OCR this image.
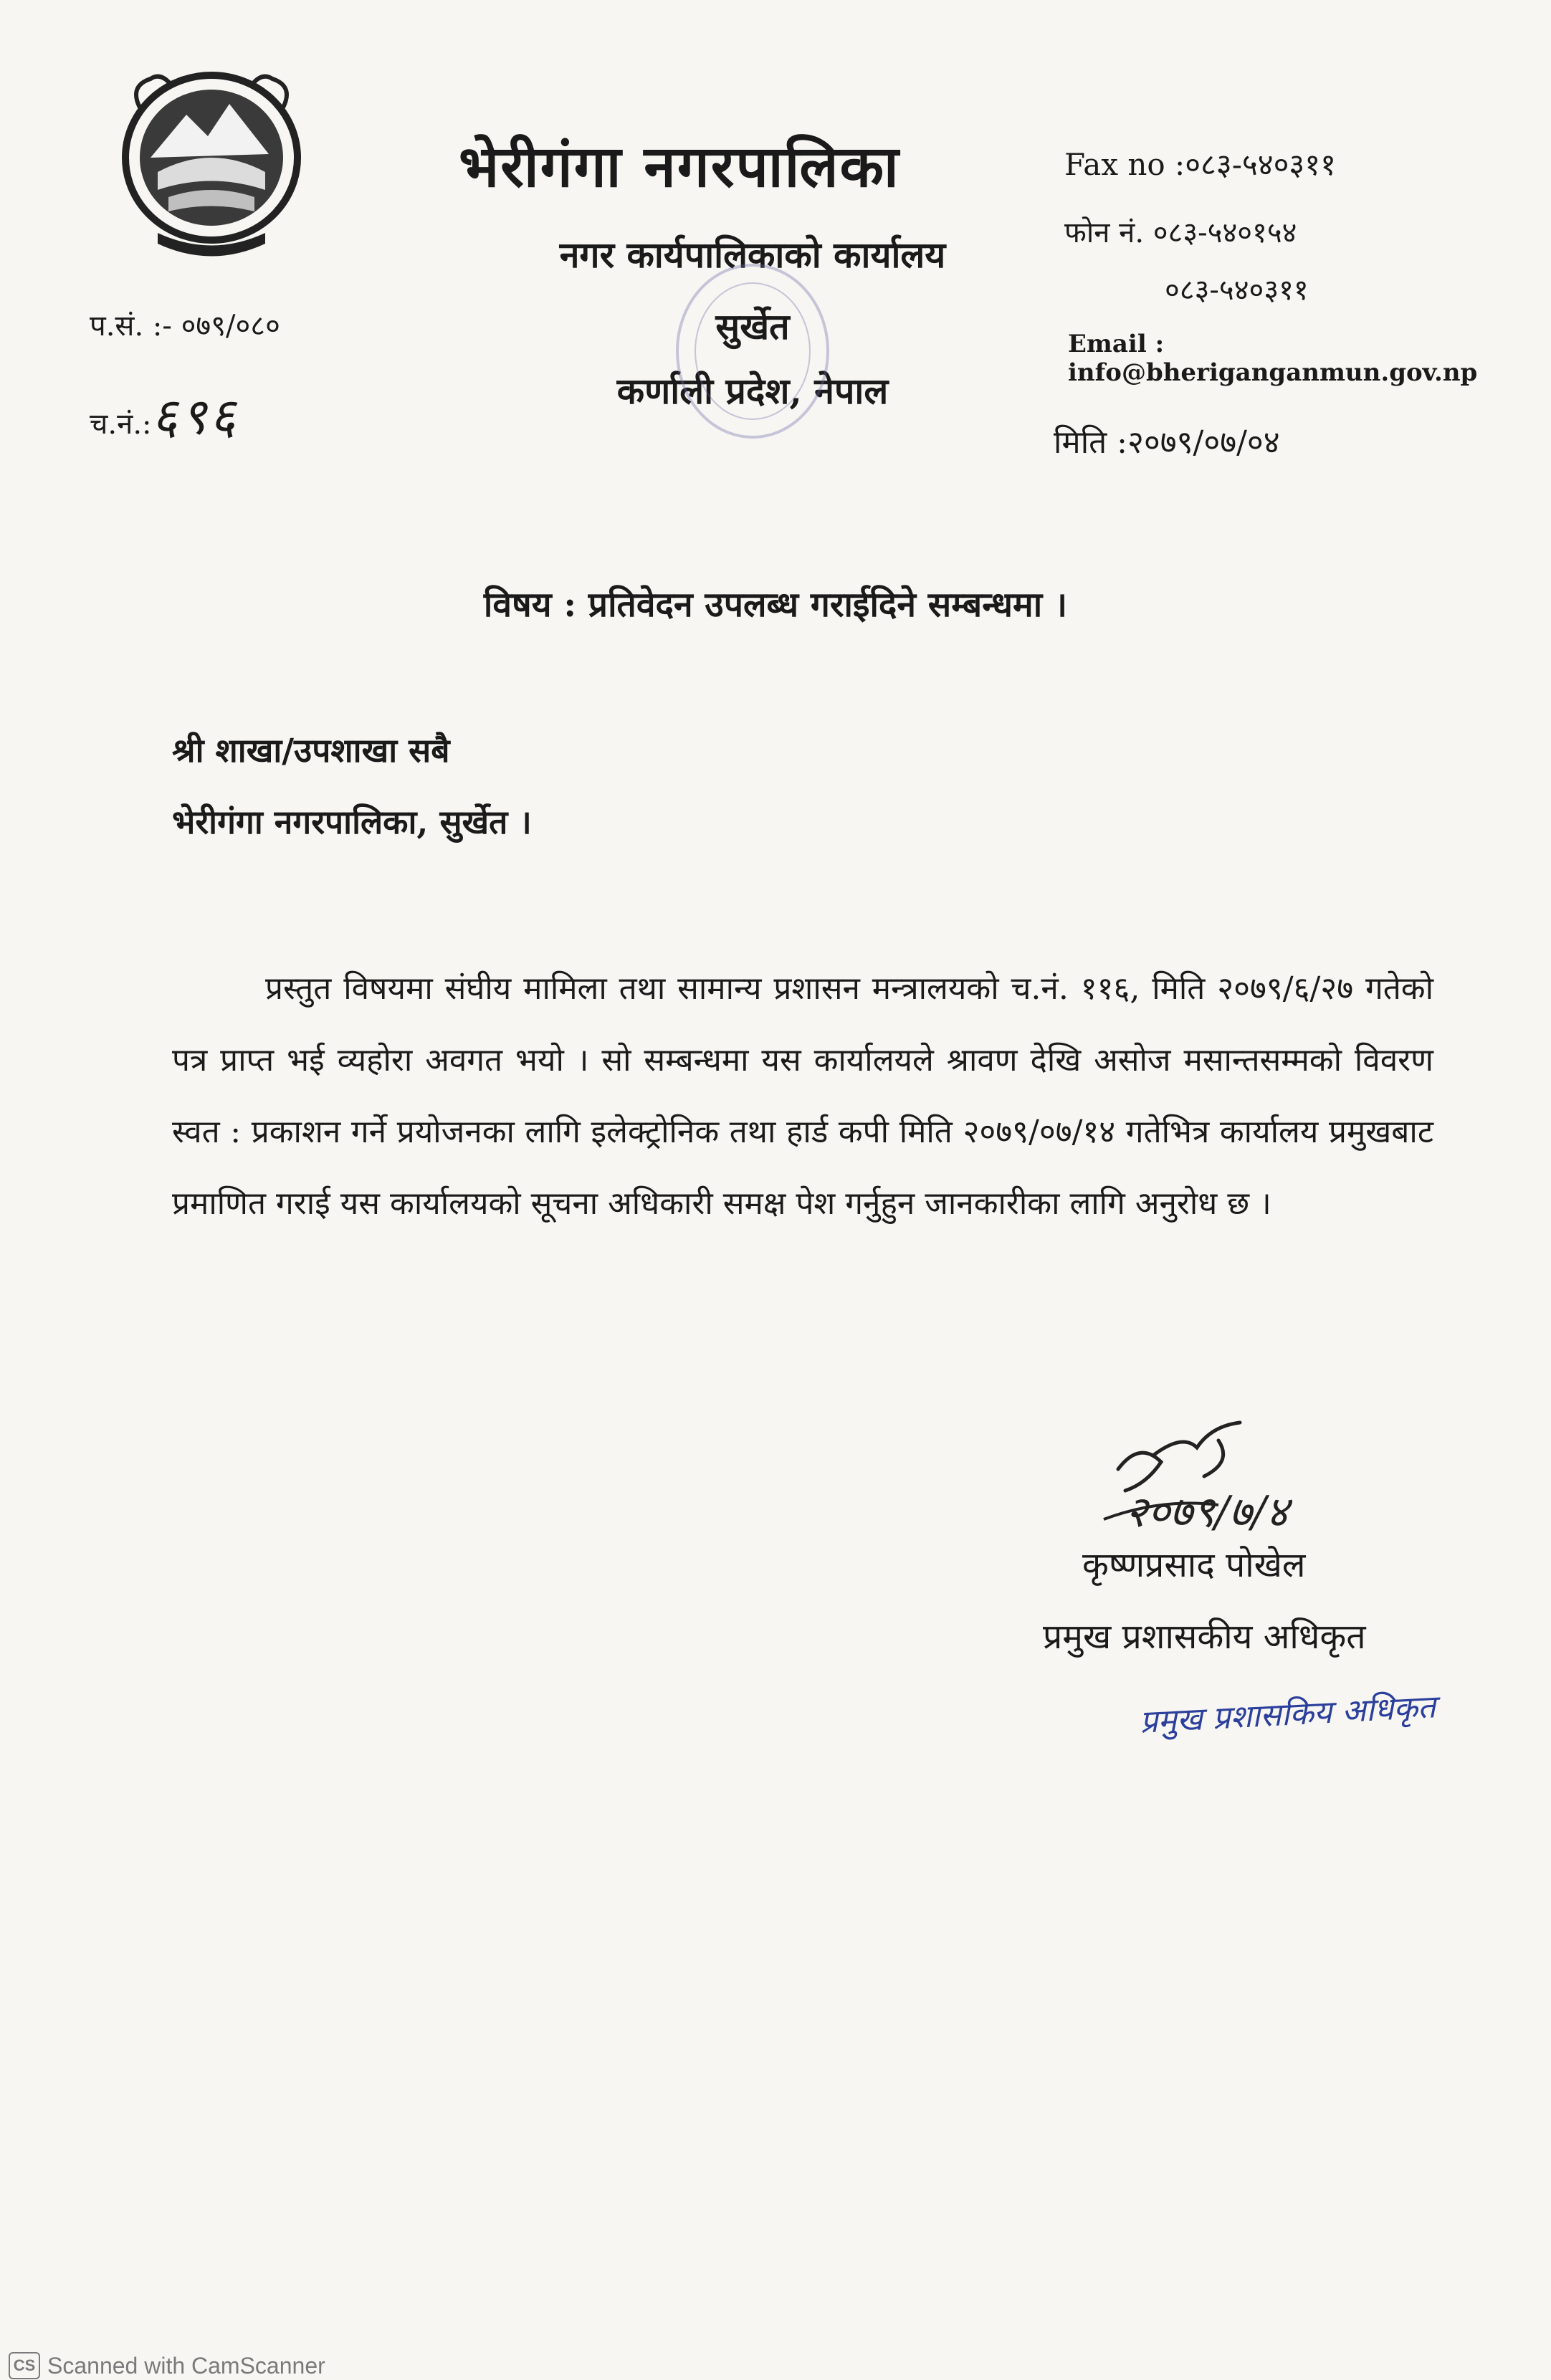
भेरीगंगा नगरपालिका
नगर कार्यपालिकाको कार्यालय
सुर्खेत
कर्णाली प्रदेश, नेपाल
प.सं. :- ०७९/०८०
च.नं.:६९६
Fax no :०८३-५४०३११
फोन नं. ०८३-५४०१५४
०८३-५४०३११
Email : info@bheriganganmun.gov.np
मिति :२०७९/०७/०४
विषय : प्रतिवेदन उपलब्ध गराईदिने सम्बन्धमा ।
श्री शाखा/उपशाखा सबै
भेरीगंगा नगरपालिका, सुर्खेत ।
प्रस्तुत विषयमा संघीय मामिला तथा सामान्य प्रशासन मन्त्रालयको च.नं. ११६, मिति २०७९/६/२७ गतेको पत्र प्राप्त भई व्यहोरा अवगत भयो । सो सम्बन्धमा यस कार्यालयले श्रावण देखि असोज मसान्तसम्मको विवरण स्वत : प्रकाशन गर्ने प्रयोजनका लागि इलेक्ट्रोनिक तथा हार्ड कपी मिति २०७९/०७/१४ गतेभित्र कार्यालय प्रमुखबाट प्रमाणित गराई यस कार्यालयको सूचना अधिकारी समक्ष पेश गर्नुहुन जानकारीका लागि अनुरोध छ ।
२०७९/७/४
कृष्णप्रसाद पोखेल
प्रमुख प्रशासकीय अधिकृत
प्रमुख प्रशासकिय अधिकृत
CS Scanned with CamScanner
